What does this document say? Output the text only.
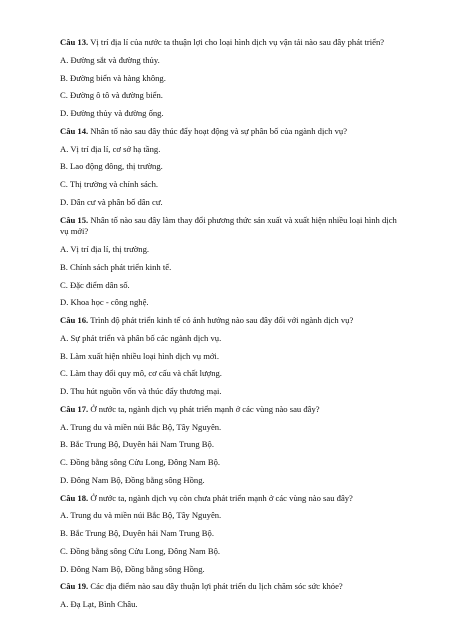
Câu 13. Vị trí địa lí của nước ta thuận lợi cho loại hình dịch vụ vận tải nào sau đây phát triển?
A. Đường sắt và đường thủy.
B. Đường biển và hàng không.
C. Đường ô tô và đường biển.
D. Đường thủy và đường ống.
Câu 14. Nhân tố nào sau đây thúc đẩy hoạt động và sự phân bố của ngành dịch vụ?
A. Vị trí địa lí, cơ sở hạ tầng.
B. Lao động đông, thị trường.
C. Thị trường và chính sách.
D. Dân cư và phân bố dân cư.
Câu 15. Nhân tố nào sau đây làm thay đổi phương thức sản xuất và xuất hiện nhiều loại hình dịch vụ mới?
A. Vị trí địa lí, thị trường.
B. Chính sách phát triển kinh tế.
C. Đặc điểm dân số.
D. Khoa học - công nghệ.
Câu 16. Trình độ phát triển kinh tế có ảnh hưởng nào sau đây đối với ngành dịch vụ?
A. Sự phát triển và phân bố các ngành dịch vụ.
B. Làm xuất hiện nhiều loại hình dịch vụ mới.
C. Làm thay đổi quy mô, cơ cấu và chất lượng.
D. Thu hút nguồn vốn và thúc đẩy thương mại.
Câu 17. Ở nước ta, ngành dịch vụ phát triển mạnh ở các vùng nào sau đây?
A. Trung du và miền núi Bắc Bộ, Tây Nguyên.
B. Bắc Trung Bộ, Duyên hải Nam Trung Bộ.
C. Đồng bằng sông Cửu Long, Đông Nam Bộ.
D. Đông Nam Bộ, Đồng bằng sông Hồng.
Câu 18. Ở nước ta, ngành dịch vụ còn chưa phát triển mạnh ở các vùng nào sau đây?
A. Trung du và miền núi Bắc Bộ, Tây Nguyên.
B. Bắc Trung Bộ, Duyên hải Nam Trung Bộ.
C. Đồng bằng sông Cửu Long, Đông Nam Bộ.
D. Đông Nam Bộ, Đồng bằng sông Hồng.
Câu 19. Các địa điểm nào sau đây thuận lợi phát triển du lịch chăm sóc sức khỏe?
A. Đạ Lạt, Bình Châu.
